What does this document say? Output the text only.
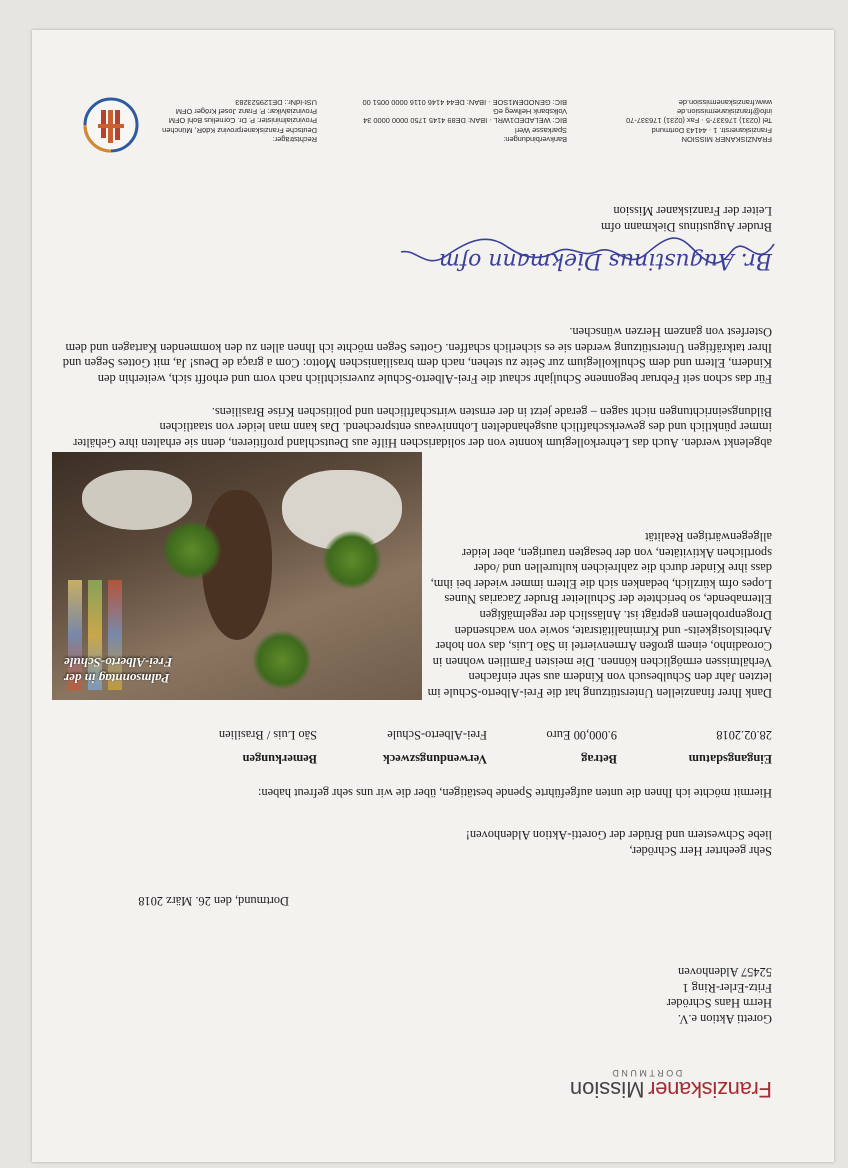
Franziskaner Mission
DORTMUND
Goretti Aktion e.V.
Herrn Hans Schröder
Fritz-Erler-Ring 1
52457 Aldenhoven
Dortmund, den 26. März 2018
Sehr geehrter Herr Schröder,
liebe Schwestern und Brüder der Goretti-Aktion Aldenhoven!
Hiermit möchte ich Ihnen die unten aufgeführte Spende bestätigen, über die wir uns sehr gefreut haben:
Eingangsdatum	Betrag	Verwendungszweck	Bemerkungen
28.02.2018	9.000,00 Euro	Frei-Alberto-Schule	São Luis / Brasilien
Dank Ihrer finanziellen Unterstützung hat die Frei-Alberto-Schule im letzten Jahr den Schulbesuch von Kindern aus sehr einfachen Verhältnissen ermöglichen können. Die meisten Familien wohnen in Coroadinho, einem großen Armenviertel in São Luis, das von hoher Arbeitslosigkeits- und Kriminalitätsrate, sowie von wachsenden Drogenproblemen geprägt ist. Anlässlich der regelmäßigen Elternabende, so berichtete der Schulleiter Bruder Zacarias Nunes Lopes ofm kürzlich, bedanken sich die Eltern immer wieder bei ihm, dass ihre Kinder durch die zahlreichen kulturellen und /oder sportlichen Aktivitäten, von der besagten traurigen, aber leider allgegenwärtigen Realität
Palmsonntag in der
Frei-Alberto-Schule
abgelenkt werden. Auch das Lehrerkollegium konnte von der solidarischen Hilfe aus Deutschland profitieren, denn sie erhalten ihre Gehälter immer pünktlich und des gewerkschaftlich ausgehandelten Lohnniveaus entsprechend. Das kann man leider von staatlichen Bildungseinrichtungen nicht sagen – gerade jetzt in der ernsten wirtschaftlichen und politischen Krise Brasiliens.
Für das schon seit Februar begonnene Schuljahr schaut die Frei-Alberto-Schule zuversichtlich nach vorn und erhofft sich, weiterhin den Kindern, Eltern und dem Schulkollegium zur Seite zu stehen, nach dem brasilianischen Motto: Com a graça de Deus! Ja, mit Gottes Segen und Ihrer tatkräftigen Unterstützung werden sie es sicherlich schaffen. Gottes Segen möchte ich Ihnen allen zu den kommenden Kartagen und dem Osterfest von ganzem Herzen wünschen.
Br. Augustinus Diekmann ofm
Bruder Augustinus Diekmann ofm
Leiter der Franziskaner Mission
FRANZISKANER MISSION
Franziskanerstr. 1 · 44143 Dortmund
Tel (0231) 176337-5 · Fax (0231) 176337-70
info@franziskanermission.de
www.franziskanermission.de
Bankverbindungen:
Sparkasse Werl
BIC: WELADED1WRL · IBAN: DE89 4145 1750 0000 0000 34
Volksbank Hellweg eG
BIC: GENODEM1SOE · IBAN: DE44 4146 0116 0000 0051 00
Rechtsträger:
Deutsche Franziskanerprovinz KdöR, München
Provinzialminister: P. Dr. Cornelius Bohl OFM
Provinzialvikar: P. Franz Josef Kröger OFM
USt-IdNr.: DE129523283
